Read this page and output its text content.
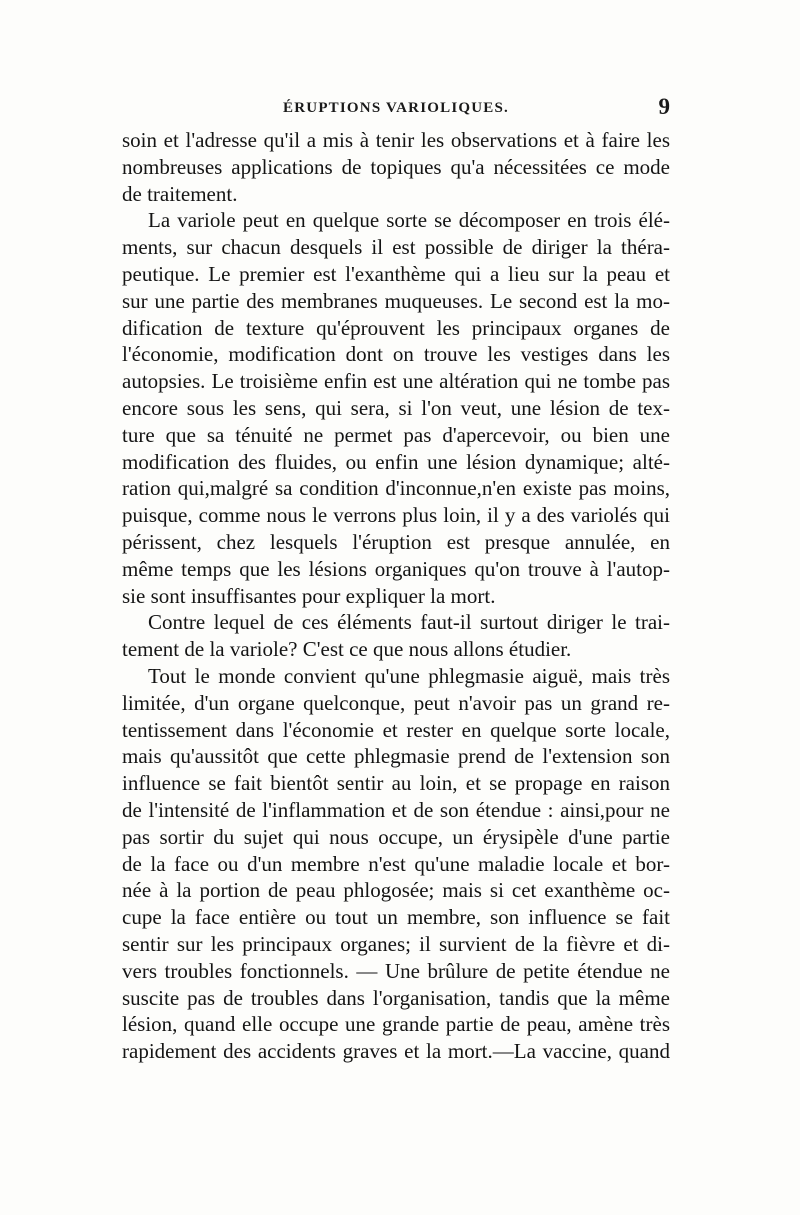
ÉRUPTIONS VARIOLIQUES.	9
soin et l'adresse qu'il a mis à tenir les observations et à faire les
nombreuses applications de topiques qu'a nécessitées ce mode
de traitement.
La variole peut en quelque sorte se décomposer en trois élé-
ments, sur chacun desquels il est possible de diriger la théra-
peutique. Le premier est l'exanthème qui a lieu sur la peau et
sur une partie des membranes muqueuses. Le second est la mo-
dification de texture qu'éprouvent les principaux organes de
l'économie, modification dont on trouve les vestiges dans les
autopsies. Le troisième enfin est une altération qui ne tombe pas
encore sous les sens, qui sera, si l'on veut, une lésion de tex-
ture que sa ténuité ne permet pas d'apercevoir, ou bien une
modification des fluides, ou enfin une lésion dynamique; alté-
ration qui,malgré sa condition d'inconnue,n'en existe pas moins,
puisque, comme nous le verrons plus loin, il y a des variolés qui
périssent, chez lesquels l'éruption est presque annulée, en
même temps que les lésions organiques qu'on trouve à l'autop-
sie sont insuffisantes pour expliquer la mort.
Contre lequel de ces éléments faut-il surtout diriger le trai-
tement de la variole? C'est ce que nous allons étudier.
Tout le monde convient qu'une phlegmasie aiguë, mais très
limitée, d'un organe quelconque, peut n'avoir pas un grand re-
tentissement dans l'économie et rester en quelque sorte locale,
mais qu'aussitôt que cette phlegmasie prend de l'extension son
influence se fait bientôt sentir au loin, et se propage en raison
de l'intensité de l'inflammation et de son étendue : ainsi,pour ne
pas sortir du sujet qui nous occupe, un érysipèle d'une partie
de la face ou d'un membre n'est qu'une maladie locale et bor-
née à la portion de peau phlogosée; mais si cet exanthème oc-
cupe la face entière ou tout un membre, son influence se fait
sentir sur les principaux organes; il survient de la fièvre et di-
vers troubles fonctionnels. — Une brûlure de petite étendue ne
suscite pas de troubles dans l'organisation, tandis que la même
lésion, quand elle occupe une grande partie de peau, amène très
rapidement des accidents graves et la mort.—La vaccine, quand
